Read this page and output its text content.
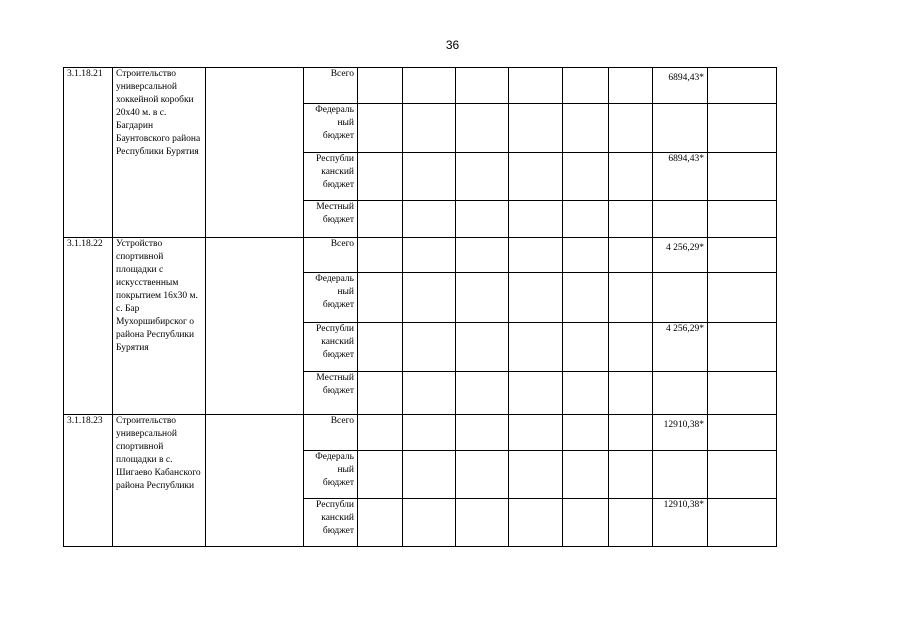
36
3.1.18.21	Строительство универсальной хоккейной коробки 20х40 м. в с. Багдарин Баунтовского района Республики Бурятия		Всего							6894,43*	
			Федераль ный бюджет								
			Республи канский бюджет							6894,43*	
			Местный бюджет								
3.1.18.22	Устройство спортивной площадки с искусственным покрытием 16х30 м. с. Бар Мухоршибирског о района Республики Бурятия		Всего							4 256,29*	
			Федераль ный бюджет								
			Республи канский бюджет							4 256,29*	
			Местный бюджет								
3.1.18.23	Строительство универсальной спортивной площадки в с. Шигаево Кабанского района Республики		Всего							12910,38*	
			Федераль ный бюджет								
			Республи канский бюджет							12910,38*	
